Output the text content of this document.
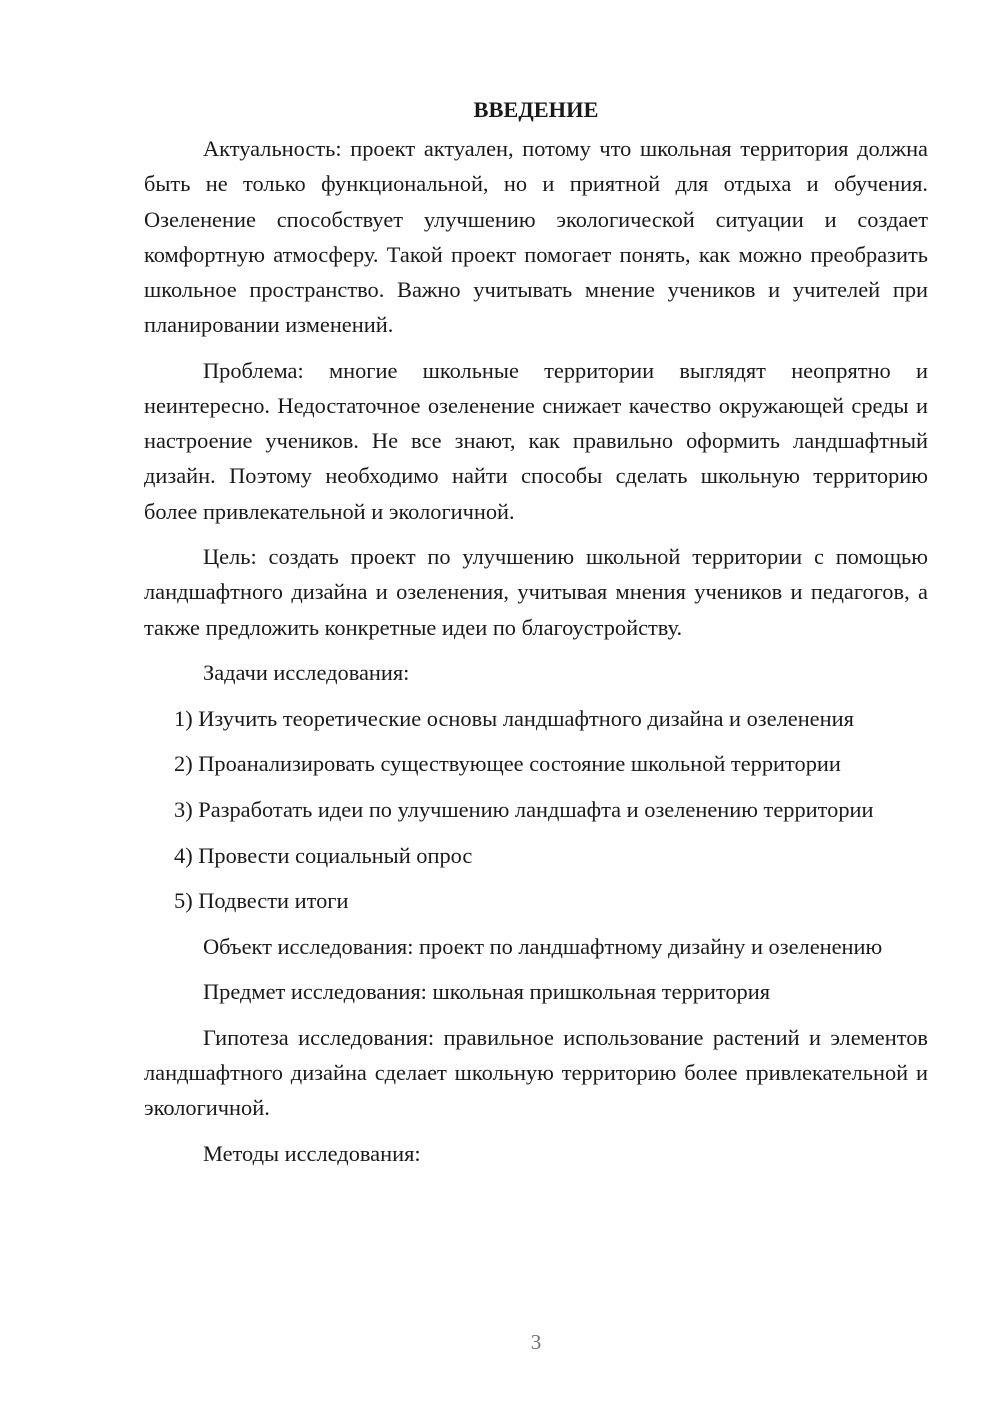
ВВЕДЕНИЕ

Актуальность: проект актуален, потому что школьная территория должна быть не только функциональной, но и приятной для отдыха и обучения. Озеленение способствует улучшению экологической ситуации и создает комфортную атмосферу. Такой проект помогает понять, как можно преобразить школьное пространство. Важно учитывать мнение учеников и учителей при планировании изменений.

Проблема: многие школьные территории выглядят неопрятно и неинтересно. Недостаточное озеленение снижает качество окружающей среды и настроение учеников. Не все знают, как правильно оформить ландшафтный дизайн. Поэтому необходимо найти способы сделать школьную территорию более привлекательной и экологичной.

Цель: создать проект по улучшению школьной территории с помощью ландшафтного дизайна и озеленения, учитывая мнения учеников и педагогов, а также предложить конкретные идеи по благоустройству.

Задачи исследования:

1) Изучить теоретические основы ландшафтного дизайна и озеленения

2) Проанализировать существующее состояние школьной территории

3) Разработать идеи по улучшению ландшафта и озеленению территории

4) Провести социальный опрос

5) Подвести итоги

Объект исследования: проект по ландшафтному дизайну и озеленению

Предмет исследования: школьная пришкольная территория

Гипотеза исследования: правильное использование растений и элементов ландшафтного дизайна сделает школьную территорию более привлекательной и экологичной.

Методы исследования:

3
